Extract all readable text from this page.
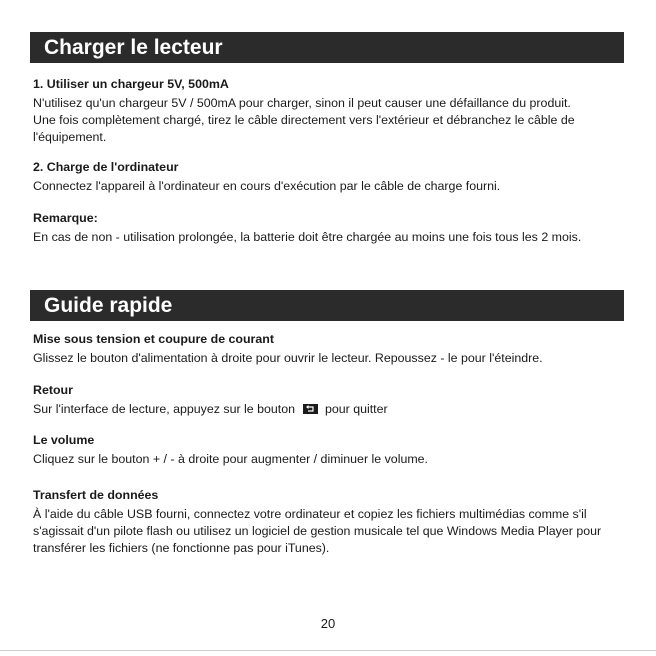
Charger le lecteur
1. Utiliser un chargeur 5V, 500mA
N'utilisez qu'un chargeur 5V / 500mA pour charger, sinon il peut causer une défaillance du produit.
Une fois complètement chargé, tirez le câble directement vers l'extérieur et débranchez le câble de
l'équipement.
2. Charge de l'ordinateur
Connectez l'appareil à l'ordinateur en cours d'exécution par le câble de charge fourni.
Remarque:
En cas de non - utilisation prolongée, la batterie doit être chargée au moins une fois tous les 2 mois.
Guide rapide
Mise sous tension et coupure de courant
Glissez le bouton d'alimentation à droite pour ouvrir le lecteur. Repoussez - le pour l'éteindre.
Retour
Sur l'interface de lecture, appuyez sur le bouton pour quitter
Le volume
Cliquez sur le bouton + / - à droite pour augmenter / diminuer le volume.
Transfert de données
À l'aide du câble USB fourni, connectez votre ordinateur et copiez les fichiers multimédias comme s'il
s'agissait d'un pilote flash ou utilisez un logiciel de gestion musicale tel que Windows Media Player pour
transférer les fichiers (ne fonctionne pas pour iTunes).
20
